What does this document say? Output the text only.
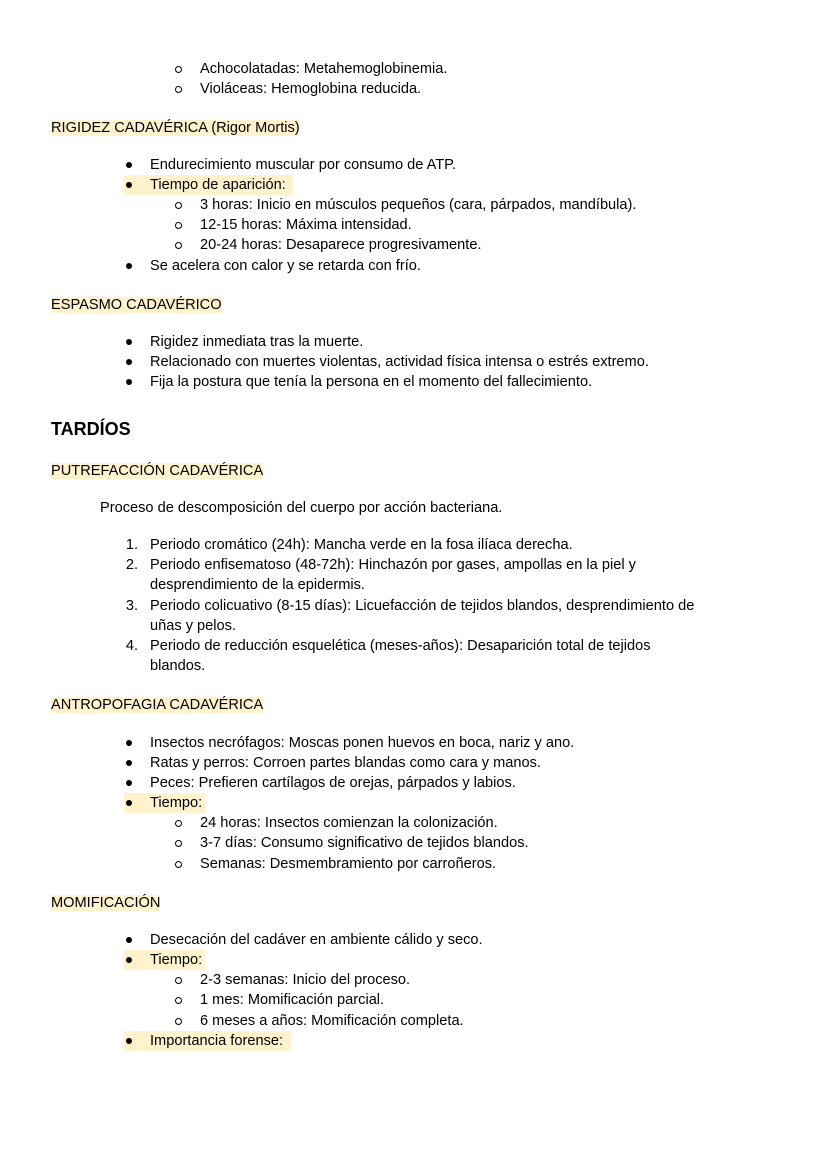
Achocolatadas: Metahemoglobinemia.
Violáceas: Hemoglobina reducida.
RIGIDEZ CADAVÉRICA (Rigor Mortis)
Endurecimiento muscular por consumo de ATP.
Tiempo de aparición:
3 horas: Inicio en músculos pequeños (cara, párpados, mandíbula).
12-15 horas: Máxima intensidad.
20-24 horas: Desaparece progresivamente.
Se acelera con calor y se retarda con frío.
ESPASMO CADAVÉRICO
Rigidez inmediata tras la muerte.
Relacionado con muertes violentas, actividad física intensa o estrés extremo.
Fija la postura que tenía la persona en el momento del fallecimiento.
TARDÍOS
PUTREFACCIÓN CADAVÉRICA
Proceso de descomposición del cuerpo por acción bacteriana.
1. Periodo cromático (24h): Mancha verde en la fosa ilíaca derecha.
2. Periodo enfisematoso (48-72h): Hinchazón por gases, ampollas en la piel y
desprendimiento de la epidermis.
3. Periodo colicuativo (8-15 días): Licuefacción de tejidos blandos, desprendimiento de
uñas y pelos.
4. Periodo de reducción esquelética (meses-años): Desaparición total de tejidos
blandos.
ANTROPOFAGIA CADAVÉRICA
Insectos necrófagos: Moscas ponen huevos en boca, nariz y ano.
Ratas y perros: Corroen partes blandas como cara y manos.
Peces: Prefieren cartílagos de orejas, párpados y labios.
Tiempo:
24 horas: Insectos comienzan la colonización.
3-7 días: Consumo significativo de tejidos blandos.
Semanas: Desmembramiento por carroñeros.
MOMIFICACIÓN
Desecación del cadáver en ambiente cálido y seco.
Tiempo:
2-3 semanas: Inicio del proceso.
1 mes: Momificación parcial.
6 meses a años: Momificación completa.
Importancia forense:
